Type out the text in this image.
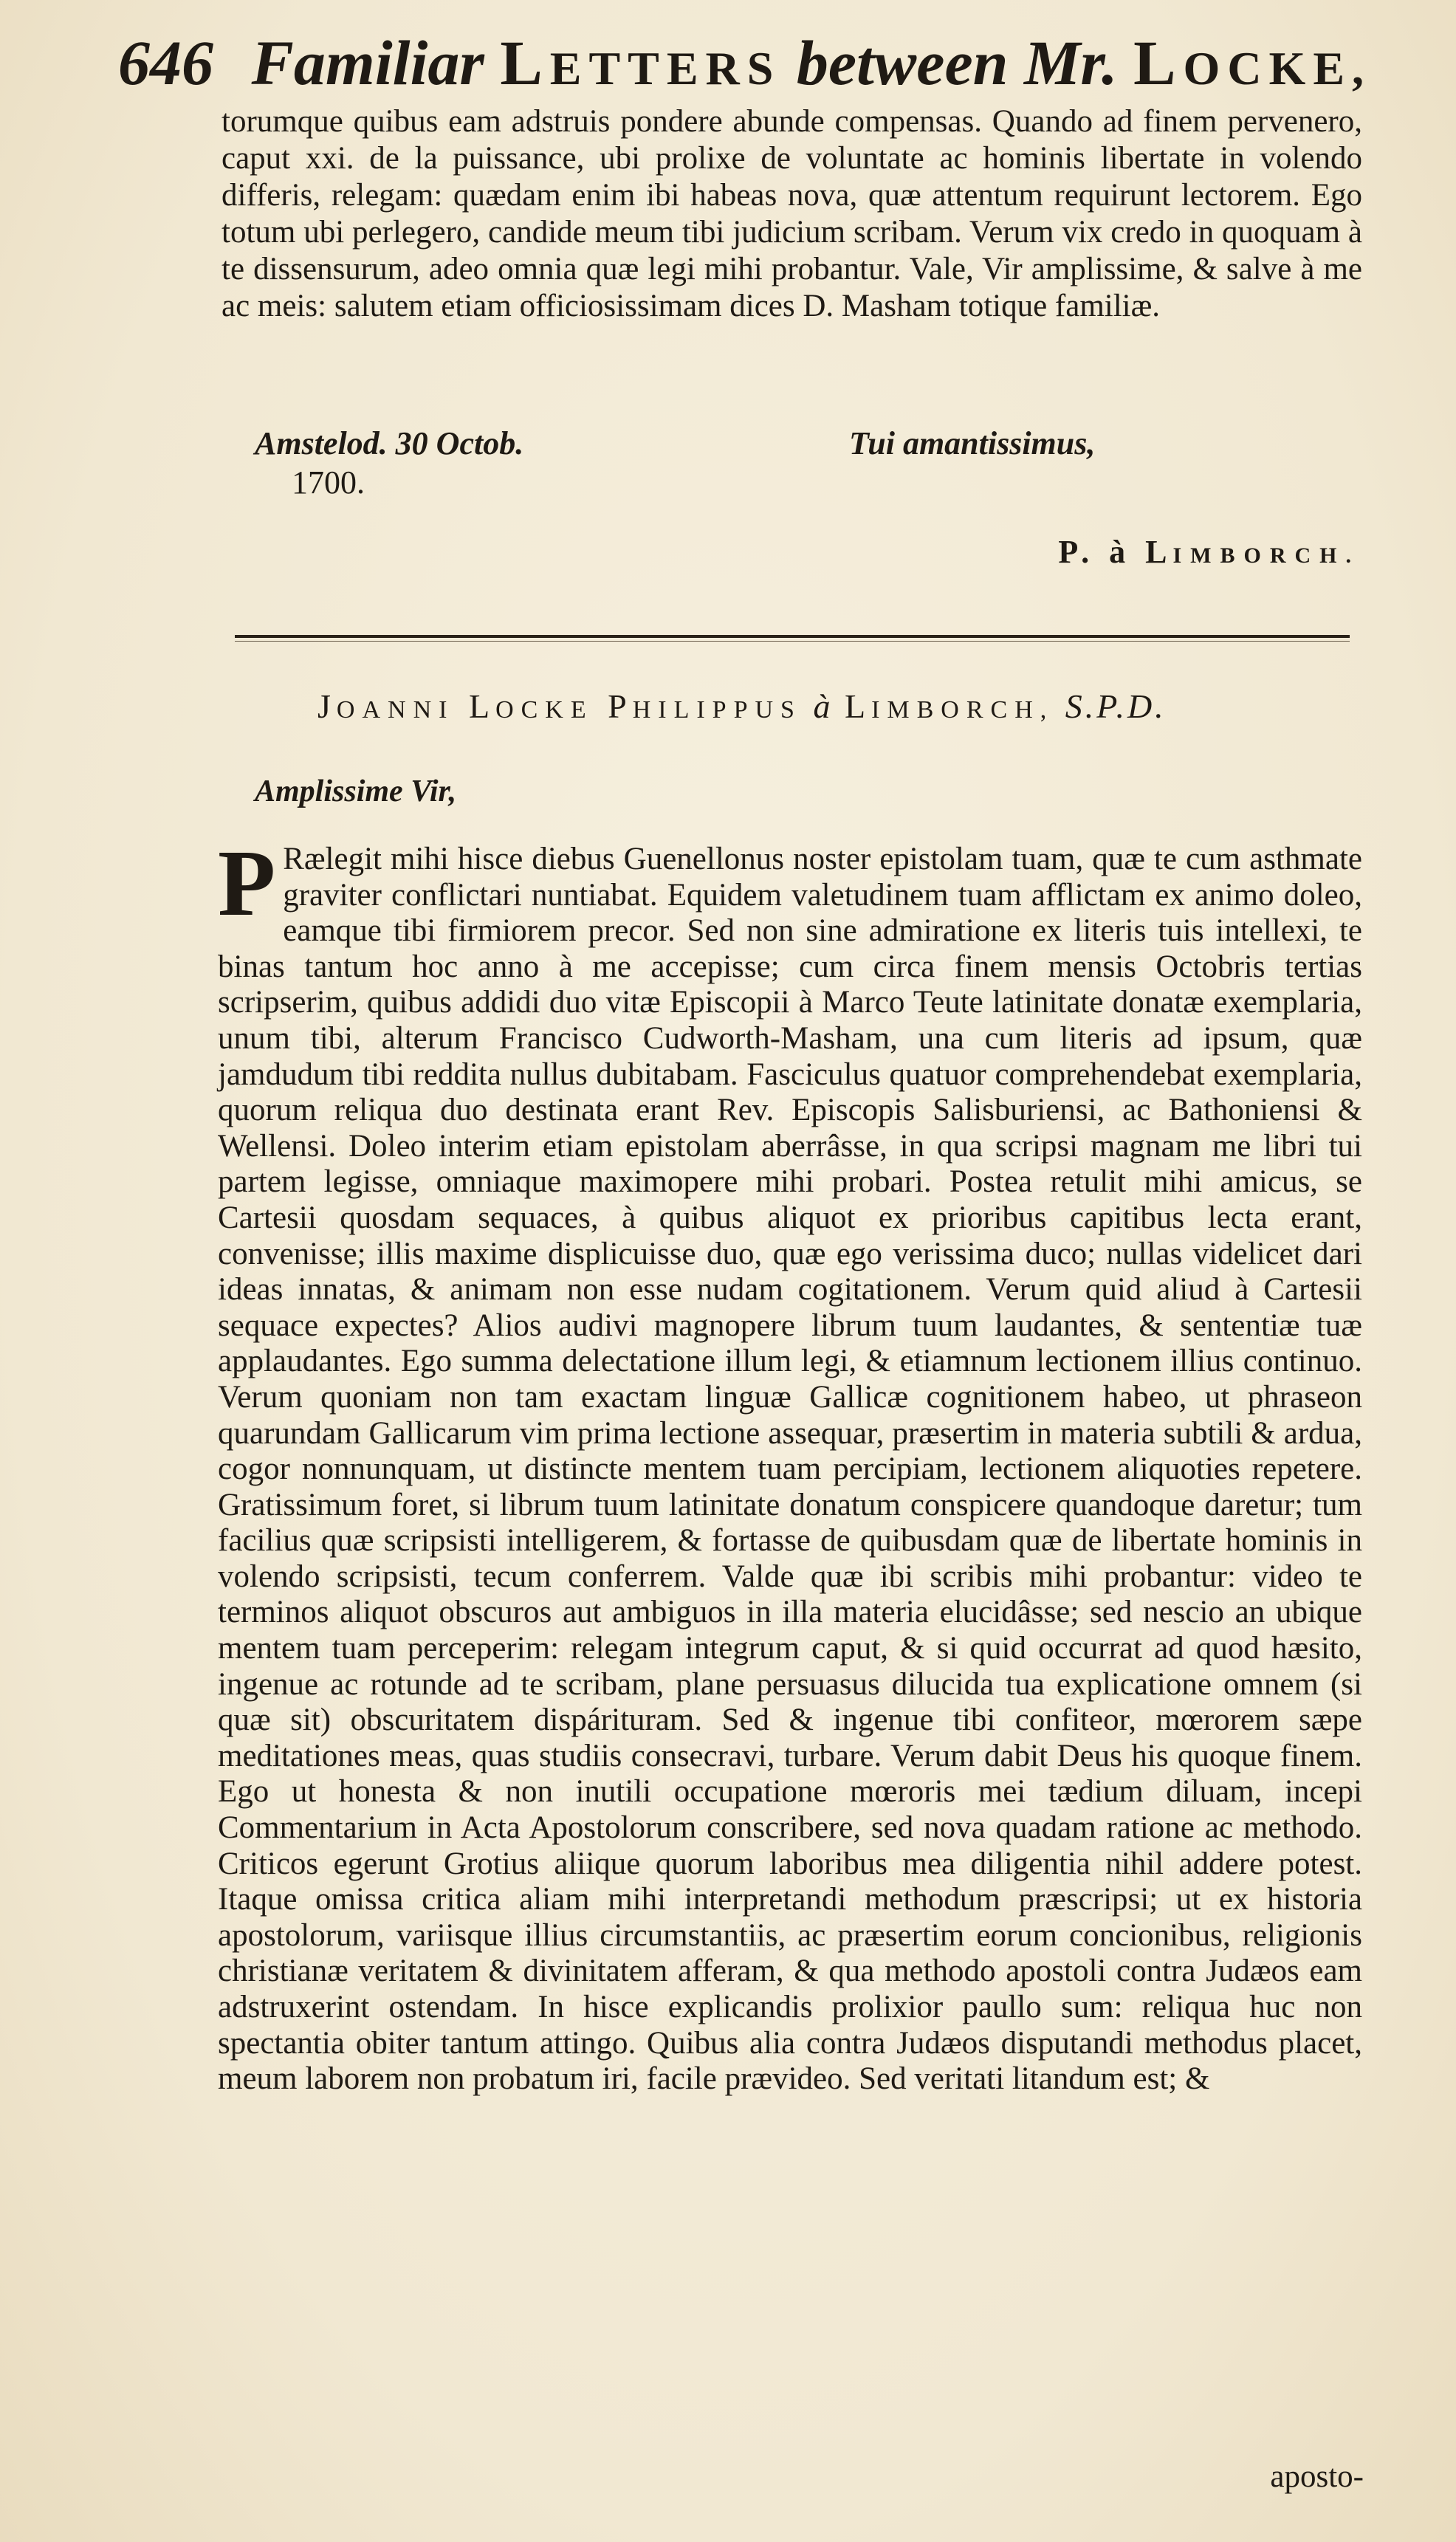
646 Familiar LETTERS between Mr. LOCKE,
torumque quibus eam adstruis pondere abunde compensas. Quando ad finem pervenero, caput xxi. de la puissance, ubi prolixe de voluntate ac hominis libertate in volendo differis, relegam: quædam enim ibi habeas nova, quæ attentum requirunt lectorem. Ego totum ubi perlegero, candide meum tibi judicium scribam. Verum vix credo in quoquam à te dissensurum, adeo omnia quæ legi mihi probantur. Vale, Vir amplissime, & salve à me ac meis: salutem etiam officiosissimam dices D. Masham totique familiæ.
Amstelod. 30 Octob.
1700.
Tui amantissimus,
P. à LIMBORCH.
JOANNI LOCKE PHILIPPUS à LIMBORCH, S.P.D.
Amplissime Vir,
P Rælegit mihi hisce diebus Guenellonus noster epistolam tuam, quæ te cum asthmate graviter conflictari nuntiabat. Equidem valetudinem tuam afflictam ex animo doleo, eamque tibi firmiorem precor. Sed non sine admiratione ex literis tuis intellexi, te binas tantum hoc anno à me accepisse; cum circa finem mensis Octobris tertias scripserim, quibus addidi duo vitæ Episcopii à Marco Teute latinitate donatæ exemplaria, unum tibi, alterum Francisco Cudworth-Masham, una cum literis ad ipsum, quæ jamdudum tibi reddita nullus dubitabam. Fasciculus quatuor comprehendebat exemplaria, quorum reliqua duo destinata erant Rev. Episcopis Salisburiensi, ac Bathoniensi & Wellensi. Doleo interim etiam epistolam aberrâsse, in qua scripsi magnam me libri tui partem legisse, omniaque maximopere mihi probari. Postea retulit mihi amicus, se Cartesii quosdam sequaces, à quibus aliquot ex prioribus capitibus lecta erant, convenisse; illis maxime displicuisse duo, quæ ego verissima duco; nullas videlicet dari ideas innatas, & animam non esse nudam cogitationem. Verum quid aliud à Cartesii sequace expectes? Alios audivi magnopere librum tuum laudantes, & sententiæ tuæ applaudantes. Ego summa delectatione illum legi, & etiamnum lectionem illius continuo. Verum quoniam non tam exactam linguæ Gallicæ cognitionem habeo, ut phraseon quarundam Gallicarum vim prima lectione assequar, præsertim in materia subtili & ardua, cogor nonnunquam, ut distincte mentem tuam percipiam, lectionem aliquoties repetere. Gratissimum foret, si librum tuum latinitate donatum conspicere quandoque daretur; tum facilius quæ scripsisti intelligerem, & fortasse de quibusdam quæ de libertate hominis in volendo scripsisti, tecum conferrem. Valde quæ ibi scribis mihi probantur: video te terminos aliquot obscuros aut ambiguos in illa materia elucidâsse; sed nescio an ubique mentem tuam perceperim: relegam integrum caput, & si quid occurrat ad quod hæsito, ingenue ac rotunde ad te scribam, plane persuasus dilucida tua explicatione omnem (si quæ sit) obscuritatem dispárituram. Sed & ingenue tibi confiteor, mœrorem sæpe meditationes meas, quas studiis consecravi, turbare. Verum dabit Deus his quoque finem. Ego ut honesta & non inutili occupatione mœroris mei tædium diluam, incepi Commentarium in Acta Apostolorum conscribere, sed nova quadam ratione ac methodo. Criticos egerunt Grotius aliique quorum laboribus mea diligentia nihil addere potest. Itaque omissa critica aliam mihi interpretandi methodum præscripsi; ut ex historia apostolorum, variisque illius circumstantiis, ac præsertim eorum concionibus, religionis christianæ veritatem & divinitatem afferam, & qua methodo apostoli contra Judæos eam adstruxerint ostendam. In hisce explicandis prolixior paullo sum: reliqua huc non spectantia obiter tantum attingo. Quibus alia contra Judæos disputandi methodus placet, meum laborem non probatum iri, facile prævideo. Sed veritati litandum est; &
aposto-
